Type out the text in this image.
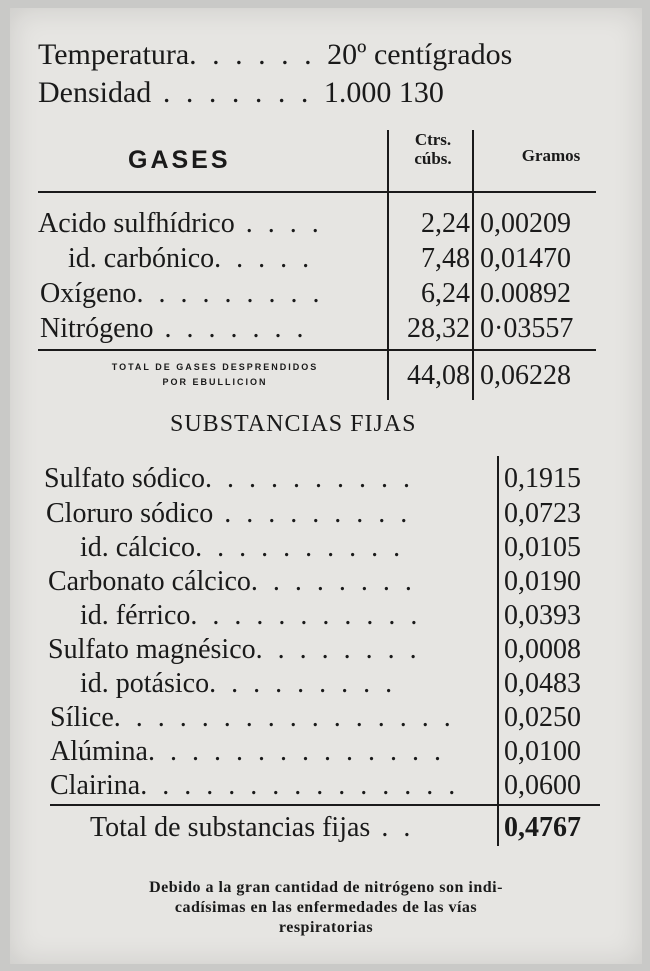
Temperatura. . . . . . 20º centígrados
Densidad . . . . . . . 1.000 130
GASES
Ctrs.
cúbs.	Gramos
Acido sulfhídrico . . . .	2,24 0,00209
id. carbónico. . . . .	7,48 0,01470
Oxígeno. . . . . . . . .	6,24 0.00892
Nitrógeno . . . . . . .	28,32 0·03557
TOTAL DE GASES DESPRENDIDOS
POR EBULLICION	44,08 0,06228
SUBSTANCIAS FIJAS
Sulfato sódico. . . . . . . . . .	0,1915
Cloruro sódico . . . . . . . . .	0,0723
id. cálcico. . . . . . . . . .	0,0105
Carbonato cálcico. . . . . . . .	0,0190
id. férrico. . . . . . . . . . .	0,0393
Sulfato magnésico. . . . . . . .	0,0008
id. potásico. . . . . . . . .	0,0483
Sílice. . . . . . . . . . . . . . . . 0,0250
Alúmina. . . . . . . . . . . . . . 0,0100
Clairina. . . . . . . . . . . . . . . 0,0600
Total de substancias fijas . .	0,4767
Debido a la gran cantidad de nitrógeno son indi-
cadísimas en las enfermedades de las vías
respiratorias
